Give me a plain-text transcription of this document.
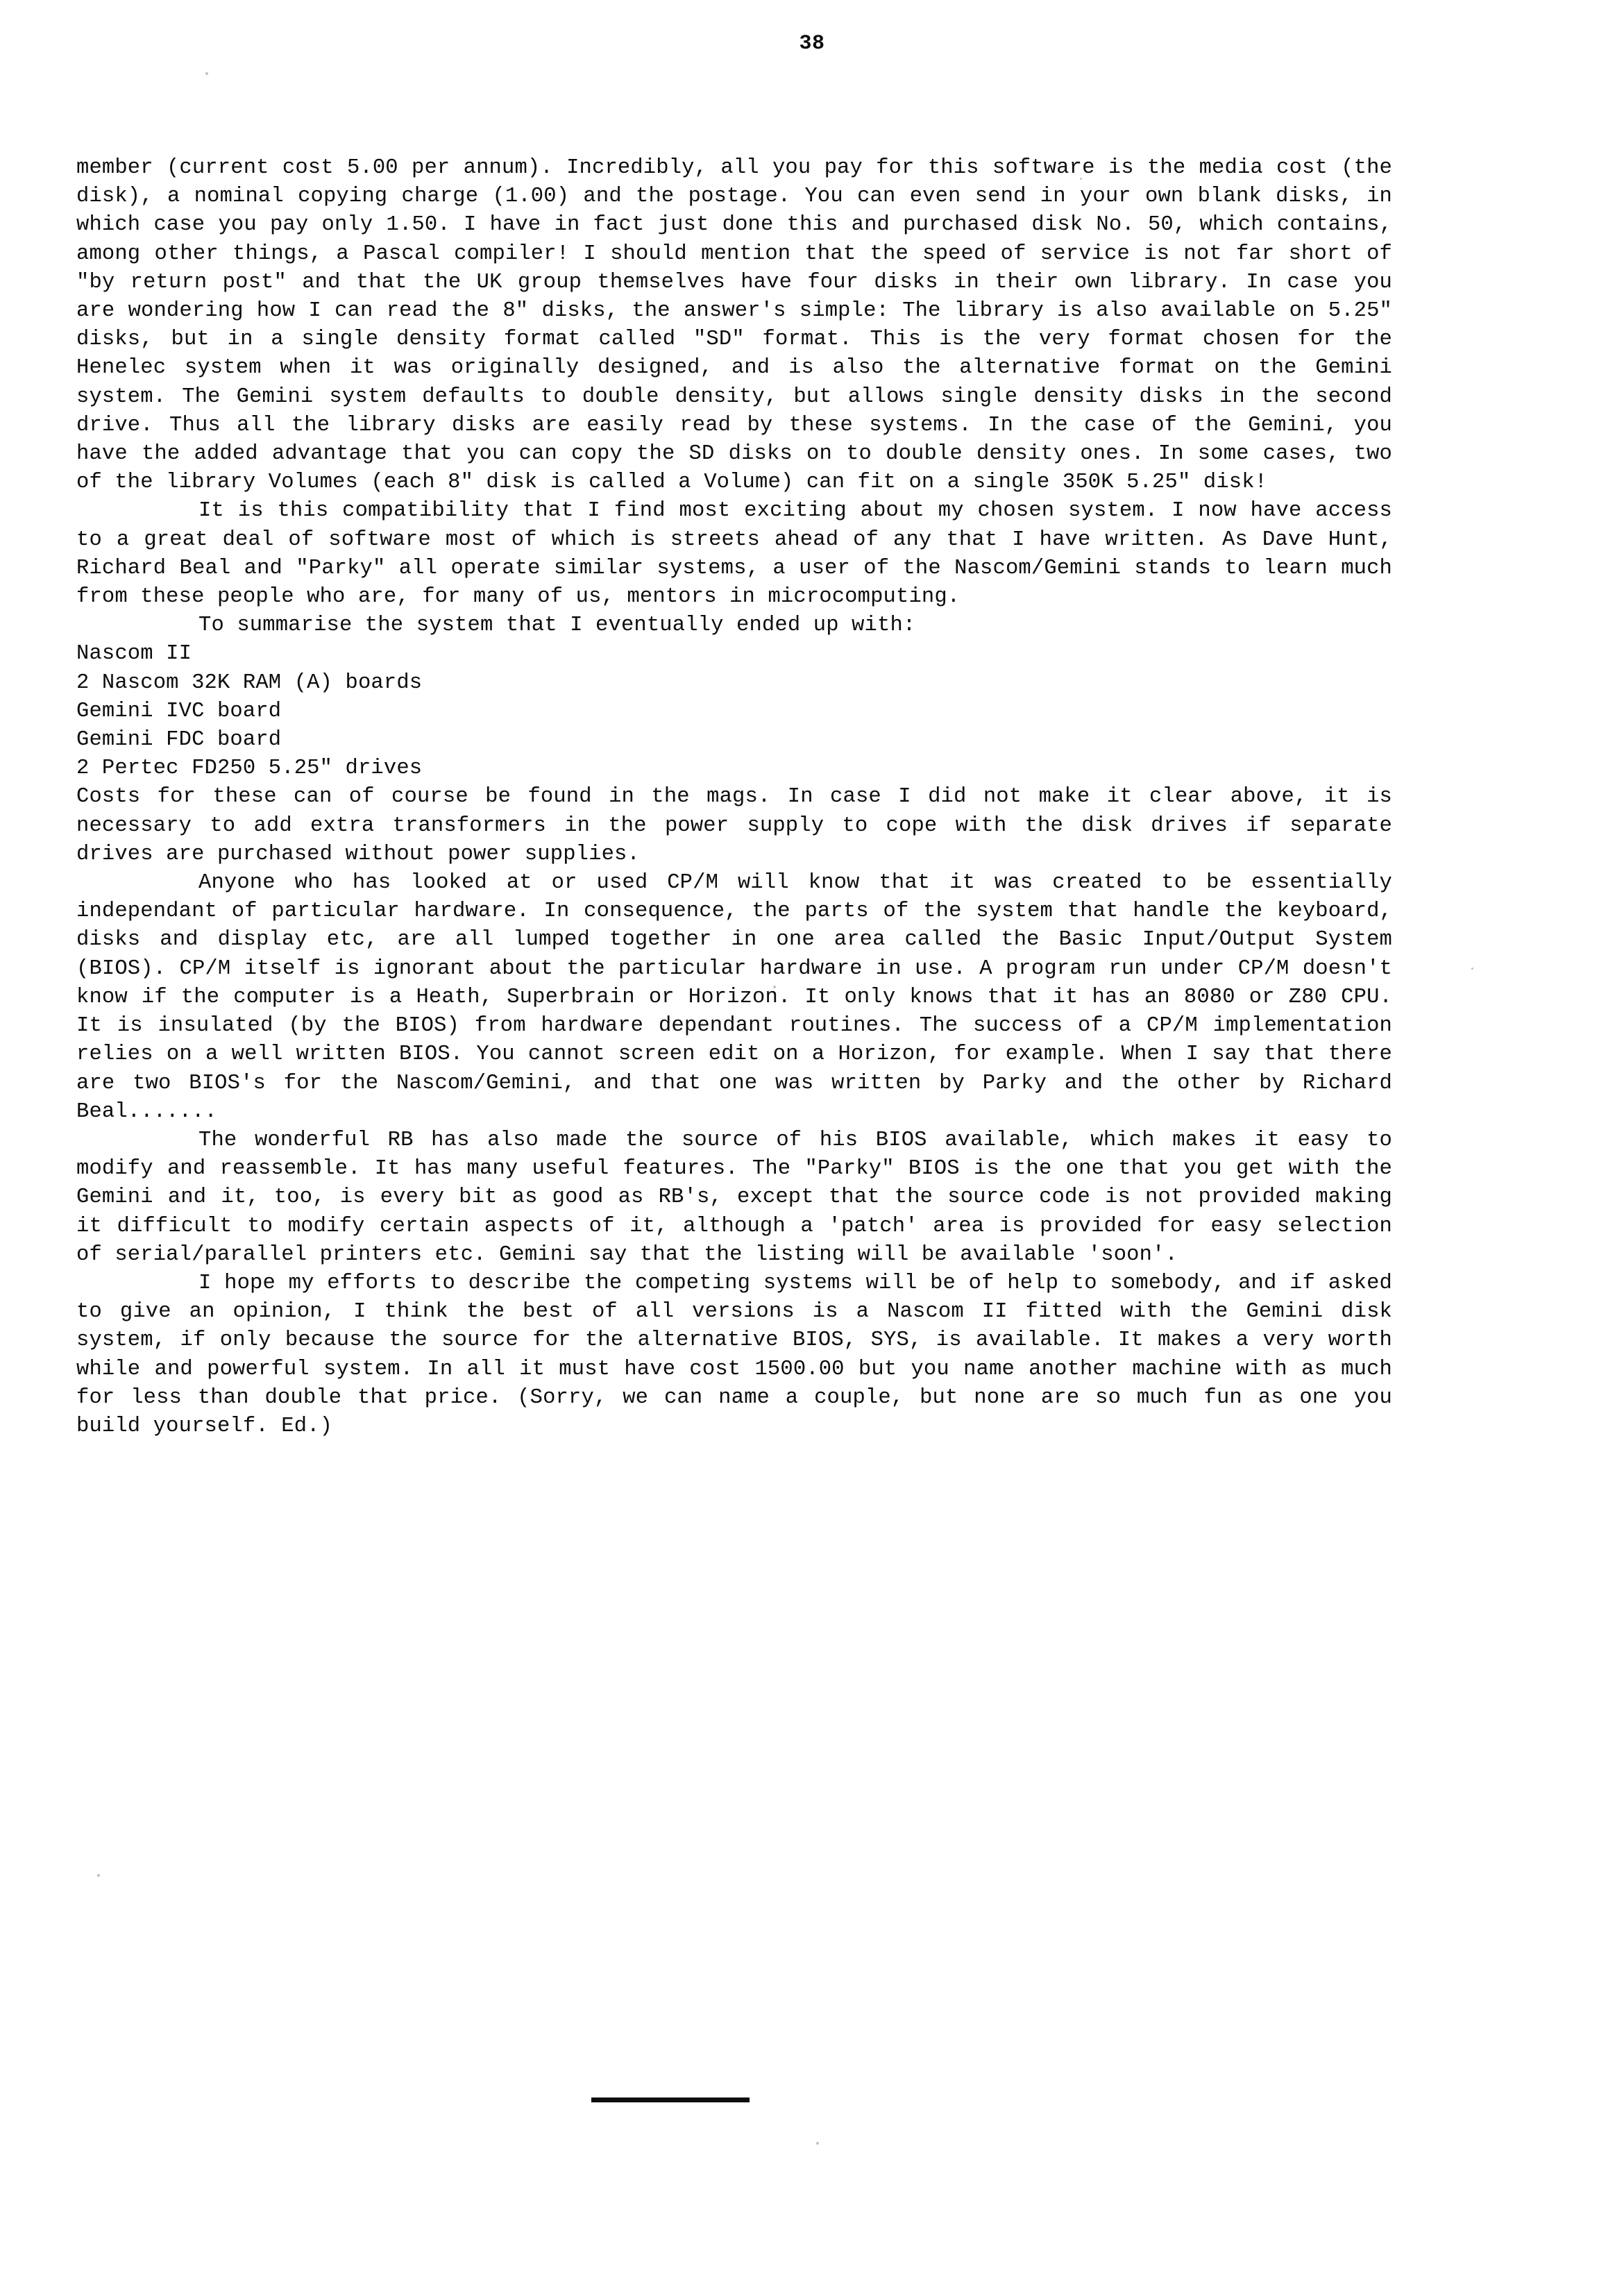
38

member (current cost 5.00 per annum). Incredibly, all you pay for this software is the media cost (the disk), a nominal copying charge (1.00) and the postage. You can even send in your own blank disks, in which case you pay only 1.50. I have in fact just done this and purchased disk No. 50, which contains, among other things, a Pascal compiler! I should mention that the speed of service is not far short of "by return post" and that the UK group themselves have four disks in their own library. In case you are wondering how I can read the 8" disks, the answer's simple: The library is also available on 5.25" disks, but in a single density format called "SD" format. This is the very format chosen for the Henelec system when it was originally designed, and is also the alternative format on the Gemini system. The Gemini system defaults to double density, but allows single density disks in the second drive. Thus all the library disks are easily read by these systems. In the case of the Gemini, you have the added advantage that you can copy the SD disks on to double density ones. In some cases, two of the library Volumes (each 8" disk is called a Volume) can fit on a single 350K 5.25" disk!

It is this compatibility that I find most exciting about my chosen system. I now have access to a great deal of software most of which is streets ahead of any that I have written. As Dave Hunt, Richard Beal and "Parky" all operate similar systems, a user of the Nascom/Gemini stands to learn much from these people who are, for many of us, mentors in microcomputing.

To summarise the system that I eventually ended up with:

Nascom II
2 Nascom 32K RAM (A) boards
Gemini IVC board
Gemini FDC board
2 Pertec FD250 5.25" drives

Costs for these can of course be found in the mags. In case I did not make it clear above, it is necessary to add extra transformers in the power supply to cope with the disk drives if separate drives are purchased without power supplies.

Anyone who has looked at or used CP/M will know that it was created to be essentially independant of particular hardware. In consequence, the parts of the system that handle the keyboard, disks and display etc, are all lumped together in one area called the Basic Input/Output System (BIOS). CP/M itself is ignorant about the particular hardware in use. A program run under CP/M doesn't know if the computer is a Heath, Superbrain or Horizon. It only knows that it has an 8080 or Z80 CPU. It is insulated (by the BIOS) from hardware dependant routines. The success of a CP/M implementation relies on a well written BIOS. You cannot screen edit on a Horizon, for example. When I say that there are two BIOS's for the Nascom/Gemini, and that one was written by Parky and the other by Richard Beal.......

The wonderful RB has also made the source of his BIOS available, which makes it easy to modify and reassemble. It has many useful features. The "Parky" BIOS is the one that you get with the Gemini and it, too, is every bit as good as RB's, except that the source code is not provided making it difficult to modify certain aspects of it, although a 'patch' area is provided for easy selection of serial/parallel printers etc. Gemini say that the listing will be available 'soon'.

I hope my efforts to describe the competing systems will be of help to somebody, and if asked to give an opinion, I think the best of all versions is a Nascom II fitted with the Gemini disk system, if only because the source for the alternative BIOS, SYS, is available. It makes a very worth while and powerful system. In all it must have cost 1500.00 but you name another machine with as much for less than double that price. (Sorry, we can name a couple, but none are so much fun as one you build yourself. Ed.)
